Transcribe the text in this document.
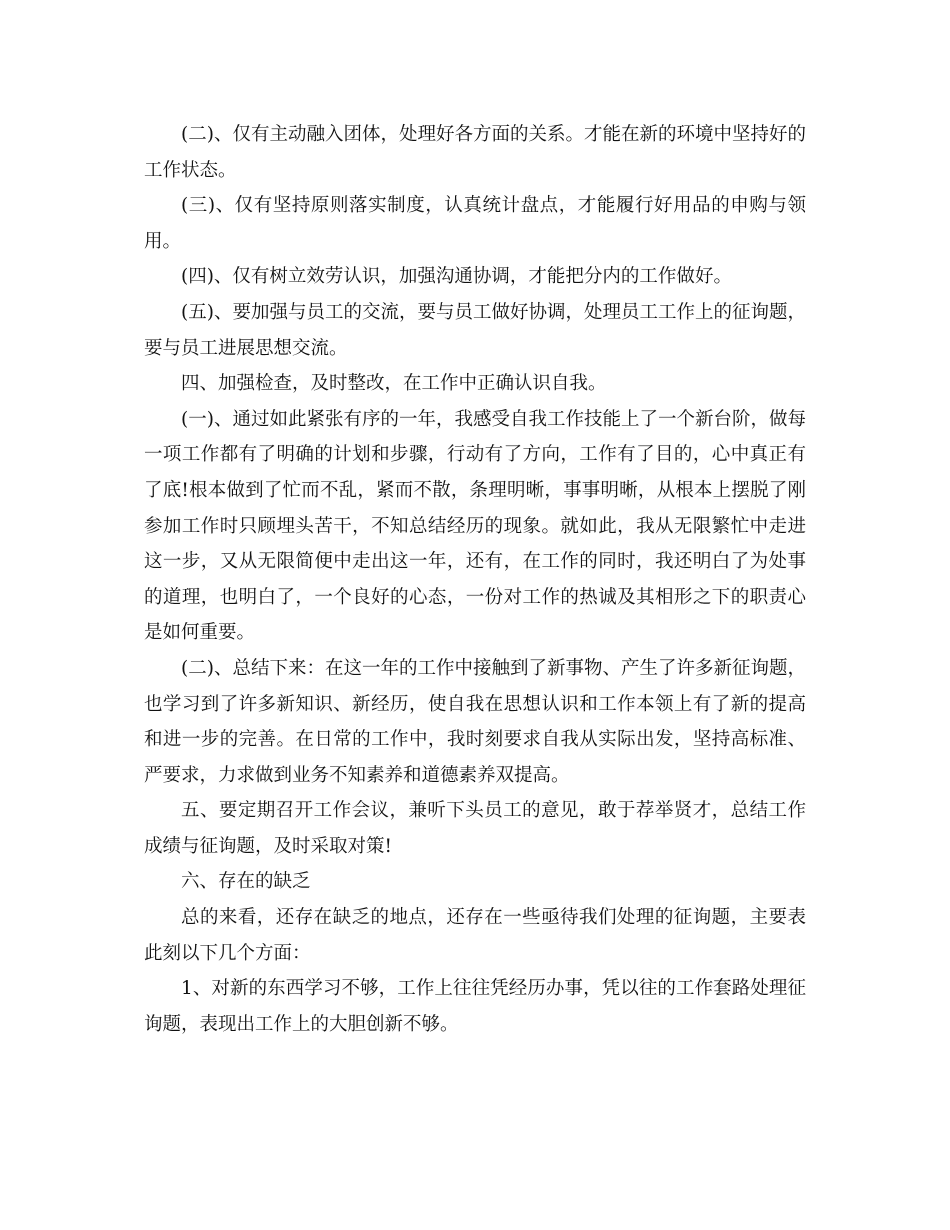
(二)、仅有主动融入团体，处理好各方面的关系。才能在新的环境中坚持好的工作状态。

(三)、仅有坚持原则落实制度，认真统计盘点，才能履行好用品的申购与领用。

(四)、仅有树立效劳认识，加强沟通协调，才能把分内的工作做好。

(五)、要加强与员工的交流，要与员工做好协调，处理员工工作上的征询题，要与员工进展思想交流。

四、加强检查，及时整改，在工作中正确认识自我。

(一)、通过如此紧张有序的一年，我感受自我工作技能上了一个新台阶，做每一项工作都有了明确的计划和步骤，行动有了方向，工作有了目的，心中真正有了底!根本做到了忙而不乱，紧而不散，条理明晰，事事明晰，从根本上摆脱了刚参加工作时只顾埋头苦干，不知总结经历的现象。就如此，我从无限繁忙中走进这一步，又从无限简便中走出这一年，还有，在工作的同时，我还明白了为处事的道理，也明白了，一个良好的心态，一份对工作的热诚及其相形之下的职责心是如何重要。

(二)、总结下来：在这一年的工作中接触到了新事物、产生了许多新征询题，也学习到了许多新知识、新经历，使自我在思想认识和工作本领上有了新的提高和进一步的完善。在日常的工作中，我时刻要求自我从实际出发，坚持高标准、严要求，力求做到业务不知素养和道德素养双提高。

五、要定期召开工作会议，兼听下头员工的意见，敢于荐举贤才，总结工作成绩与征询题，及时采取对策!

六、存在的缺乏

总的来看，还存在缺乏的地点，还存在一些亟待我们处理的征询题，主要表此刻以下几个方面：

1、对新的东西学习不够，工作上往往凭经历办事，凭以往的工作套路处理征询题，表现出工作上的大胆创新不够。
